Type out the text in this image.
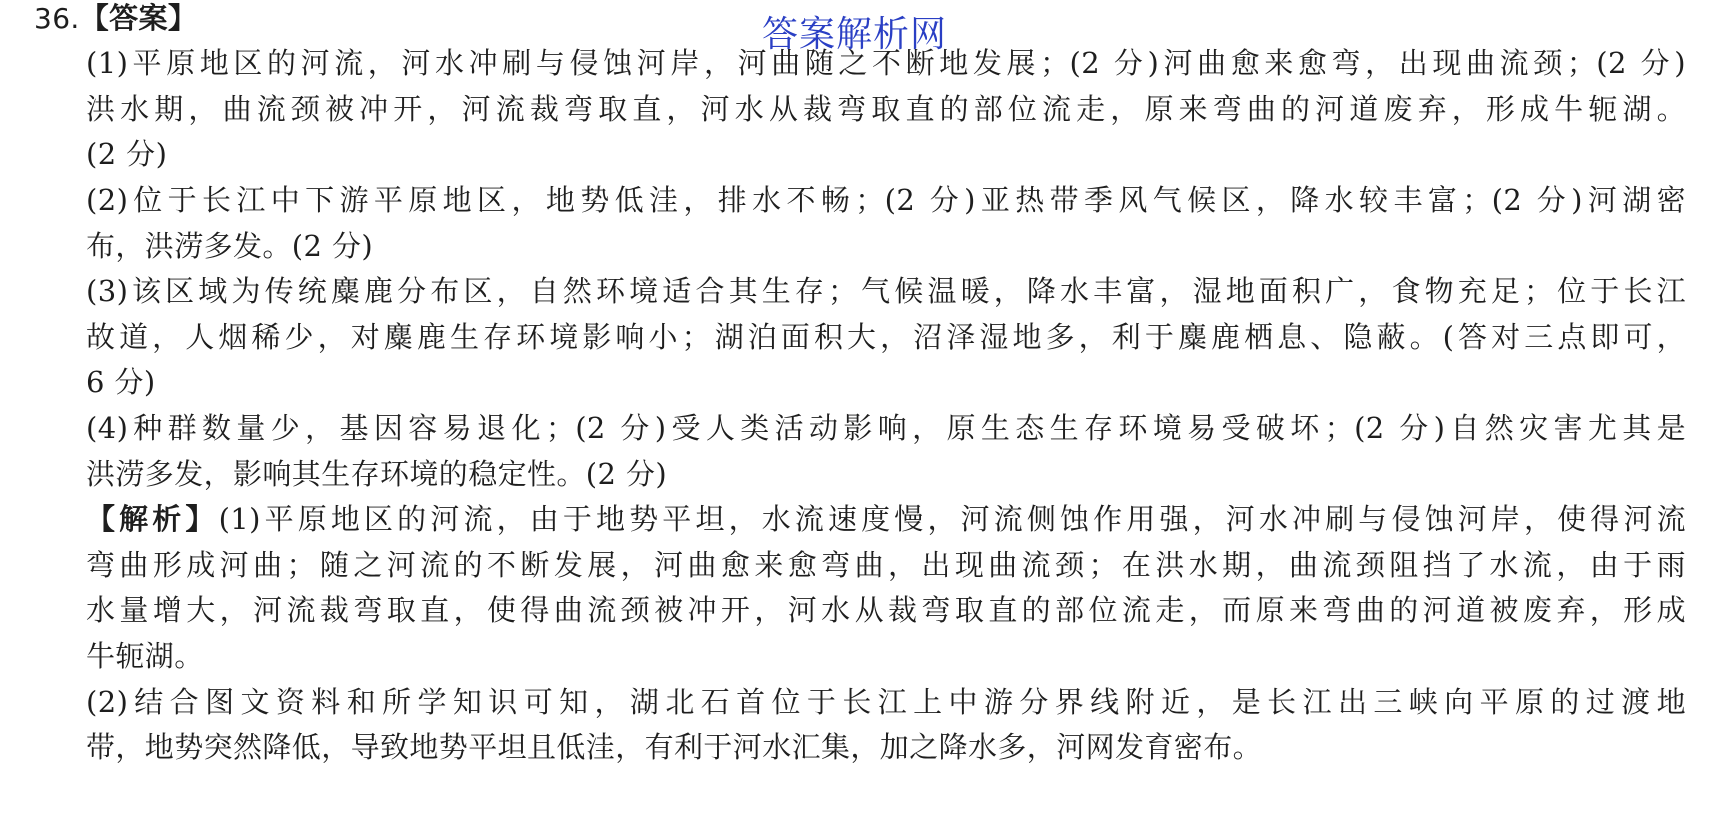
答案解析网
36.【答案】
(1)平原地区的河流，河水冲刷与侵蚀河岸，河曲随之不断地发展；(2 分)河曲愈来愈弯，出现曲流颈；(2 分)
洪水期，曲流颈被冲开，河流裁弯取直，河水从裁弯取直的部位流走，原来弯曲的河道废弃，形成牛轭湖。
(2 分)
(2)位于长江中下游平原地区，地势低洼，排水不畅；(2 分)亚热带季风气候区，降水较丰富；(2 分)河湖密
布，洪涝多发。(2 分)
(3)该区域为传统麋鹿分布区，自然环境适合其生存；气候温暖，降水丰富，湿地面积广，食物充足；位于长江
故道，人烟稀少，对麋鹿生存环境影响小；湖泊面积大，沼泽湿地多，利于麋鹿栖息、隐蔽。(答对三点即可，
6 分)
(4)种群数量少，基因容易退化；(2 分)受人类活动影响，原生态生存环境易受破坏；(2 分)自然灾害尤其是
洪涝多发，影响其生存环境的稳定性。(2 分)
【解析】(1)平原地区的河流，由于地势平坦，水流速度慢，河流侧蚀作用强，河水冲刷与侵蚀河岸，使得河流
弯曲形成河曲；随之河流的不断发展，河曲愈来愈弯曲，出现曲流颈；在洪水期，曲流颈阻挡了水流，由于雨
水量增大，河流裁弯取直，使得曲流颈被冲开，河水从裁弯取直的部位流走，而原来弯曲的河道被废弃，形成
牛轭湖。
(2)结合图文资料和所学知识可知，湖北石首位于长江上中游分界线附近，是长江出三峡向平原的过渡地
带，地势突然降低，导致地势平坦且低洼，有利于河水汇集，加之降水多，河网发育密布。
